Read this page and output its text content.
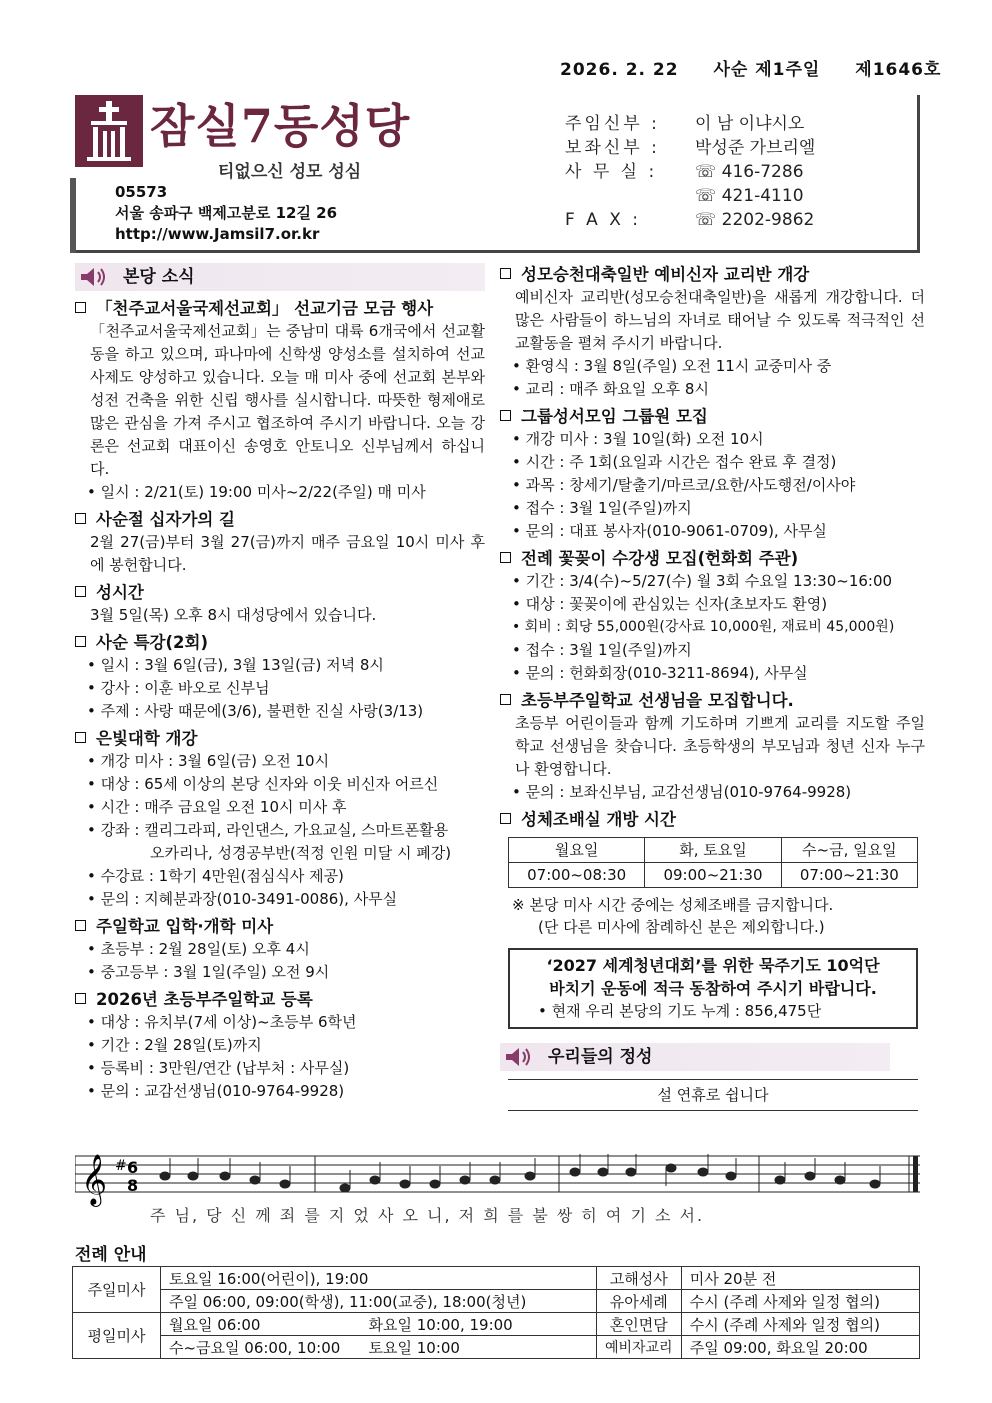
2026. 2. 22 사순 제1주일 제1646호
잠실7동성당
티없으신 성모 성심
05573
서울 송파구 백제고분로 12길 26
http://www.Jamsil7.or.kr
주임신부 :	이 남 이냐시오
보좌신부 :	박성준 가브리엘
사 무 실 :	☏ 416-7286
☏ 421-4110
F A X :	☏ 2202-9862
본당 소식
「천주교서울국제선교회」 선교기금 모금 행사
「천주교서울국제선교회」는 중남미 대륙 6개국에서 선교활동을 하고 있으며, 파나마에 신학생 양성소를 설치하여 선교사제도 양성하고 있습니다. 오늘 매 미사 중에 선교회 본부와 성전 건축을 위한 신립 행사를 실시합니다. 따뜻한 형제애로 많은 관심을 가져 주시고 협조하여 주시기 바랍니다. 오늘 강론은 선교회 대표이신 송영호 안토니오 신부님께서 하십니다.
• 일시 : 2/21(토) 19:00 미사~2/22(주일) 매 미사
사순절 십자가의 길
2월 27(금)부터 3월 27(금)까지 매주 금요일 10시 미사 후에 봉헌합니다.
성시간
3월 5일(목) 오후 8시 대성당에서 있습니다.
사순 특강(2회)
• 일시 : 3월 6일(금), 3월 13일(금) 저녁 8시
• 강사 : 이훈 바오로 신부님
• 주제 : 사랑 때문에(3/6), 불편한 진실 사랑(3/13)
은빛대학 개강
• 개강 미사 : 3월 6일(금) 오전 10시
• 대상 : 65세 이상의 본당 신자와 이웃 비신자 어르신
• 시간 : 매주 금요일 오전 10시 미사 후
• 강좌 : 캘리그라피, 라인댄스, 가요교실, 스마트폰활용
오카리나, 성경공부반(적정 인원 미달 시 폐강)
• 수강료 : 1학기 4만원(점심식사 제공)
• 문의 : 지혜분과장(010-3491-0086), 사무실
주일학교 입학·개학 미사
• 초등부 : 2월 28일(토) 오후 4시
• 중고등부 : 3월 1일(주일) 오전 9시
2026년 초등부주일학교 등록
• 대상 : 유치부(7세 이상)~초등부 6학년
• 기간 : 2월 28일(토)까지
• 등록비 : 3만원/연간 (납부처 : 사무실)
• 문의 : 교감선생님(010-9764-9928)
성모승천대축일반 예비신자 교리반 개강
예비신자 교리반(성모승천대축일반)을 새롭게 개강합니다. 더 많은 사람들이 하느님의 자녀로 태어날 수 있도록 적극적인 선교활동을 펼쳐 주시기 바랍니다.
• 환영식 : 3월 8일(주일) 오전 11시 교중미사 중
• 교리 : 매주 화요일 오후 8시
그룹성서모임 그룹원 모집
• 개강 미사 : 3월 10일(화) 오전 10시
• 시간 : 주 1회(요일과 시간은 접수 완료 후 결정)
• 과목 : 창세기/탈출기/마르코/요한/사도행전/이사야
• 접수 : 3월 1일(주일)까지
• 문의 : 대표 봉사자(010-9061-0709), 사무실
전례 꽃꽂이 수강생 모집(헌화회 주관)
• 기간 : 3/4(수)~5/27(수) 월 3회 수요일 13:30~16:00
• 대상 : 꽃꽂이에 관심있는 신자(초보자도 환영)
• 회비 : 회당 55,000원(강사료 10,000원, 재료비 45,000원)
• 접수 : 3월 1일(주일)까지
• 문의 : 헌화회장(010-3211-8694), 사무실
초등부주일학교 선생님을 모집합니다.
초등부 어린이들과 함께 기도하며 기쁘게 교리를 지도할 주일학교 선생님을 찾습니다. 초등학생의 부모님과 청년 신자 누구나 환영합니다.
• 문의 : 보좌신부님, 교감선생님(010-9764-9928)
성체조배실 개방 시간
월요일	화, 토요일	수~금, 일요일
07:00~08:30	09:00~21:30	07:00~21:30
※ 본당 미사 시간 중에는 성체조배를 금지합니다.
(단 다른 미사에 참례하신 분은 제외합니다.)
‘2027 세계청년대회’를 위한 묵주기도 10억단
바치기 운동에 적극 동참하여 주시기 바랍니다.
• 현재 우리 본당의 기도 누계 : 856,475단
우리들의 정성
설 연휴로 쉽니다
𝄞 # 6
8
주 님, 당 신 께 죄 를 지 었 사 오 니, 저 희 를 불 쌍 히 여 기 소 서.
전례 안내
주일미사	토요일 16:00(어린이), 19:00		고해성사	미사 20분 전
	주일 06:00, 09:00(학생), 11:00(교중), 18:00(청년)		유아세례	수시 (주례 사제와 일정 협의)
평일미사	월요일 06:00	화요일 10:00, 19:00	혼인면담	수시 (주례 사제와 일정 협의)
	수~금요일 06:00, 10:00	토요일 10:00	예비자교리	주일 09:00, 화요일 20:00
